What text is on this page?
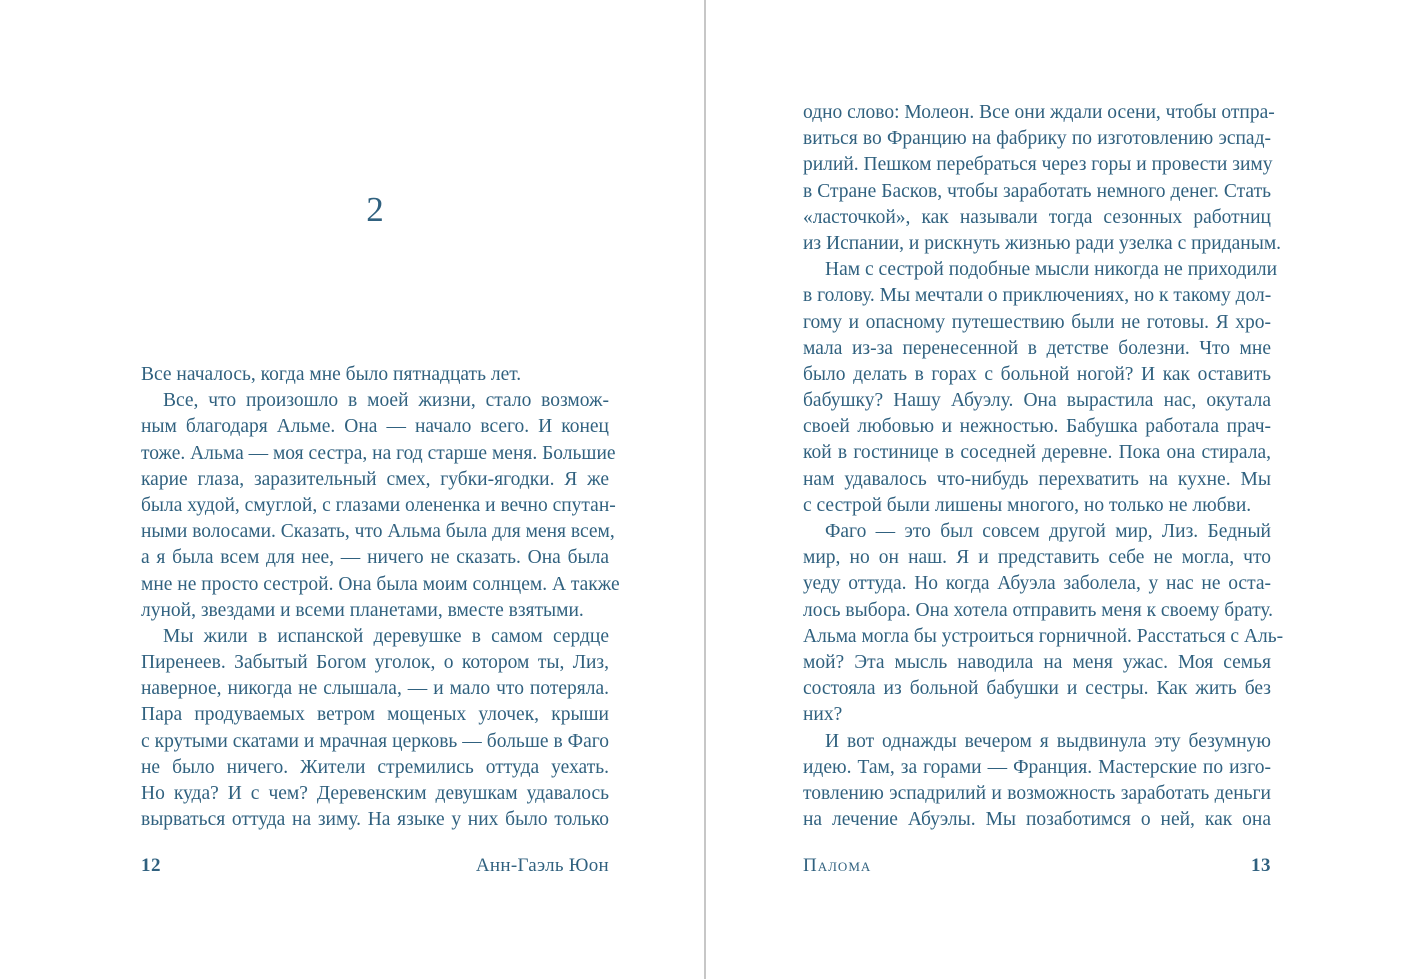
2
Все началось, когда мне было пятнадцать лет.
Все, что произошло в моей жизни, стало возмож-
ным благодаря Альме. Она — начало всего. И конец
тоже. Альма — моя сестра, на год старше меня. Большие
карие глаза, заразительный смех, губки-ягодки. Я же
была худой, смуглой, с глазами олененка и вечно спутан-
ными волосами. Сказать, что Альма была для меня всем,
а я была всем для нее, — ничего не сказать. Она была
мне не просто сестрой. Она была моим солнцем. А также
луной, звездами и всеми планетами, вместе взятыми.
Мы жили в испанской деревушке в самом сердце
Пиренеев. Забытый Богом уголок, о котором ты, Лиз,
наверное, никогда не слышала, — и мало что потеряла.
Пара продуваемых ветром мощеных улочек, крыши
с крутыми скатами и мрачная церковь — больше в Фаго
не было ничего. Жители стремились оттуда уехать.
Но куда? И с чем? Деревенским девушкам удавалось
вырваться оттуда на зиму. На языке у них было только
12	Анн-Гаэль Юон
одно слово: Молеон. Все они ждали осени, чтобы отпра-
виться во Францию на фабрику по изготовлению эспад-
рилий. Пешком перебраться через горы и провести зиму
в Стране Басков, чтобы заработать немного денег. Стать
«ласточкой», как называли тогда сезонных работниц
из Испании, и рискнуть жизнью ради узелка с приданым.
Нам с сестрой подобные мысли никогда не приходили
в голову. Мы мечтали о приключениях, но к такому дол-
гому и опасному путешествию были не готовы. Я хро-
мала из-за перенесенной в детстве болезни. Что мне
было делать в горах с больной ногой? И как оставить
бабушку? Нашу Абуэлу. Она вырастила нас, окутала
своей любовью и нежностью. Бабушка работала прач-
кой в гостинице в соседней деревне. Пока она стирала,
нам удавалось что-нибудь перехватить на кухне. Мы
с сестрой были лишены многого, но только не любви.
Фаго — это был совсем другой мир, Лиз. Бедный
мир, но он наш. Я и представить себе не могла, что
уеду оттуда. Но когда Абуэла заболела, у нас не оста-
лось выбора. Она хотела отправить меня к своему брату.
Альма могла бы устроиться горничной. Расстаться с Аль-
мой? Эта мысль наводила на меня ужас. Моя семья
состояла из больной бабушки и сестры. Как жить без
них?
И вот однажды вечером я выдвинула эту безумную
идею. Там, за горами — Франция. Мастерские по изго-
товлению эспадрилий и возможность заработать деньги
на лечение Абуэлы. Мы позаботимся о ней, как она
Палома	13
